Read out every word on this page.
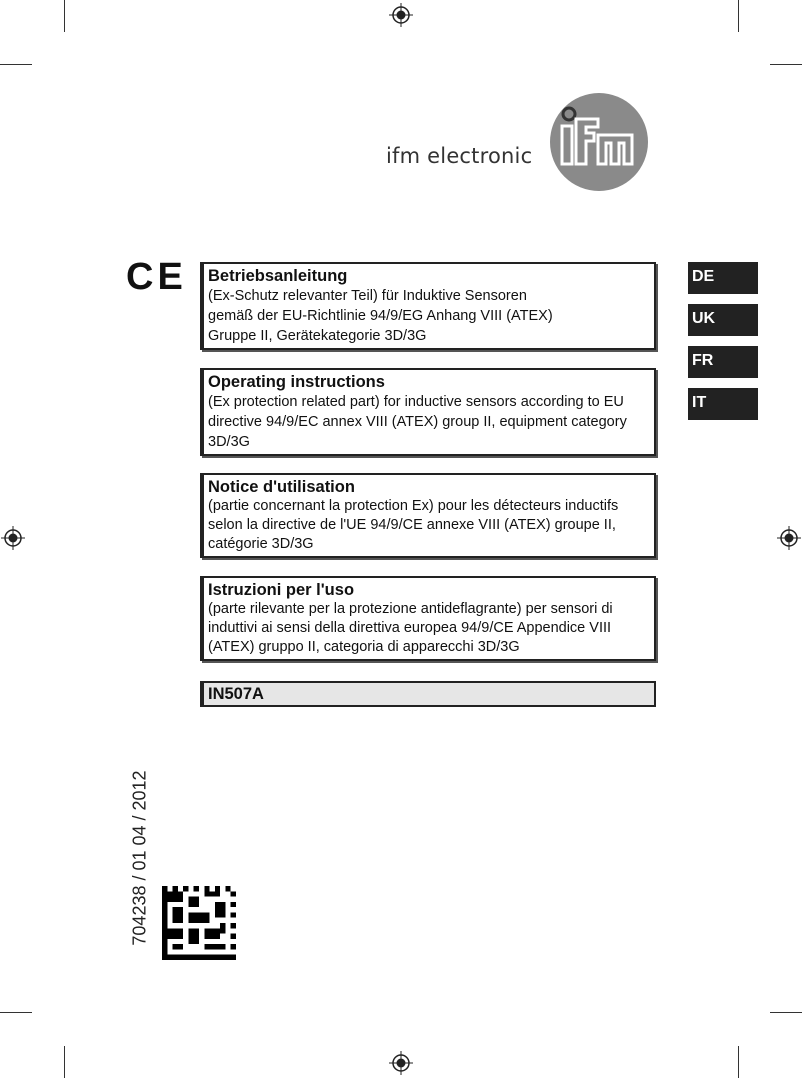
ifm electronic
CE Betriebsanleitung
(Ex-Schutz relevanter Teil) für Induktive Sensoren
gemäß der EU-Richtlinie 94/9/EG Anhang VIII (ATEX)
Gruppe II, Gerätekategorie 3D/3G
Operating instructions
(Ex protection related part) for inductive sensors according to EU
directive 94/9/EC annex VIII (ATEX) group II, equipment category
3D/3G
Notice d'utilisation
(partie concernant la protection Ex) pour les détecteurs inductifs
selon la directive de l'UE 94/9/CE annexe VIII (ATEX) groupe II,
catégorie 3D/3G
Istruzioni per l'uso
(parte rilevante per la protezione antideflagrante) per sensori di
induttivi ai sensi della direttiva europea 94/9/CE Appendice VIII
(ATEX) gruppo II, categoria di apparecchi 3D/3G
IN507A
DE
UK
FR
IT
704238 / 01 04 / 2012
